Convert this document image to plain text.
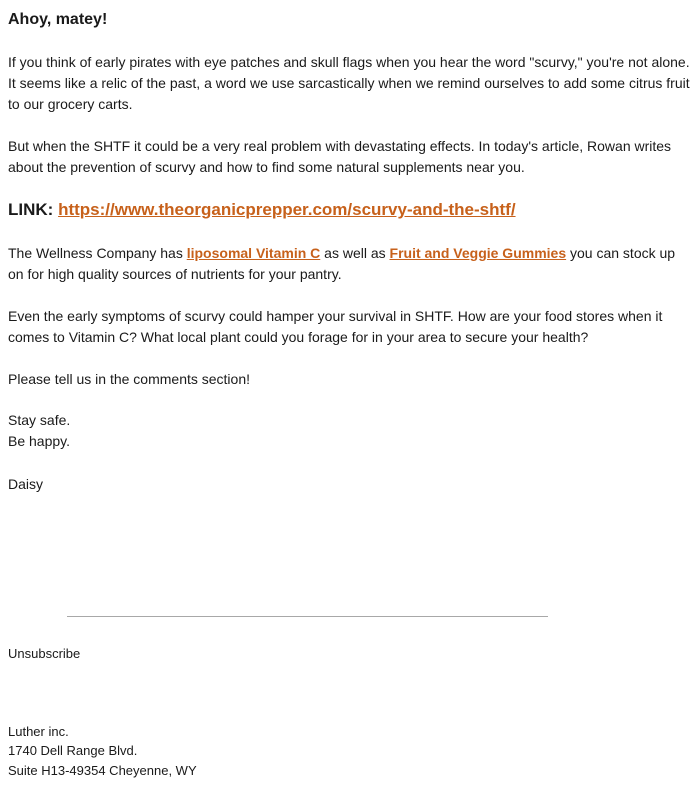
Ahoy, matey!

If you think of early pirates with eye patches and skull flags when you hear the word "scurvy," you're not alone. It seems like a relic of the past, a word we use sarcastically when we remind ourselves to add some citrus fruit to our grocery carts.

But when the SHTF it could be a very real problem with devastating effects. In today's article, Rowan writes about the prevention of scurvy and how to find some natural supplements near you.

LINK: https://www.theorganicprepper.com/scurvy-and-the-shtf/

The Wellness Company has liposomal Vitamin C as well as Fruit and Veggie Gummies you can stock up on for high quality sources of nutrients for your pantry.

Even the early symptoms of scurvy could hamper your survival in SHTF. How are your food stores when it comes to Vitamin C? What local plant could you forage for in your area to secure your health?

Please tell us in the comments section!

Stay safe.

Be happy.

Daisy

Unsubscribe

Luther inc.

1740 Dell Range Blvd.

Suite H13-49354 Cheyenne, WY
